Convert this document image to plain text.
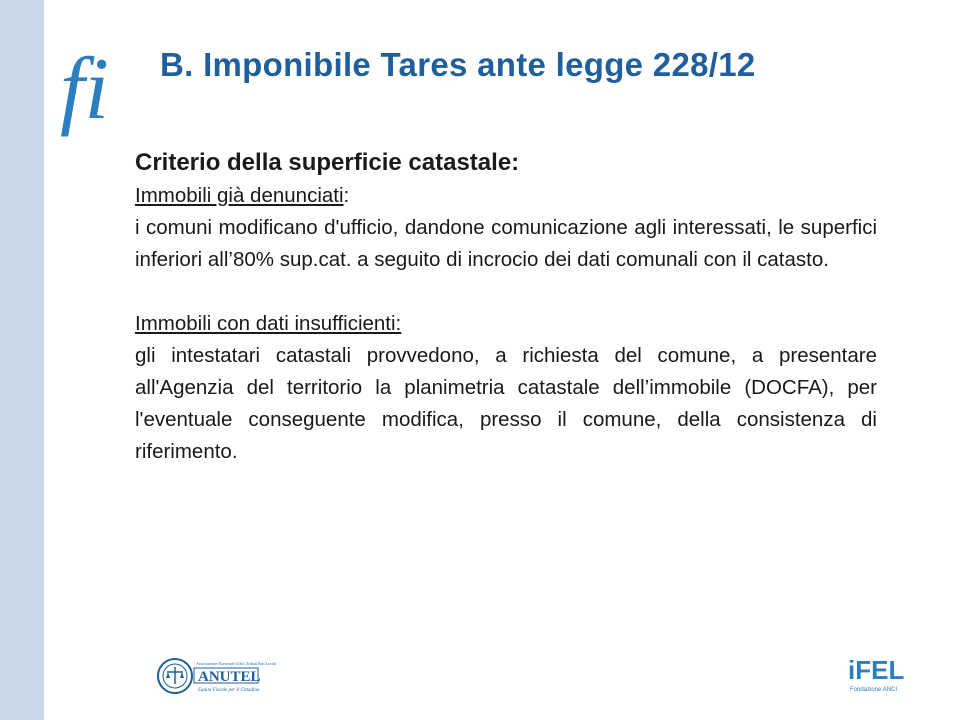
fi B. Imponibile Tares ante legge 228/12

Criterio della superficie catastale:

Immobili già denunciati:

i comuni modificano d'ufficio, dandone comunicazione agli interessati, le superfici inferiori all’80% sup.cat. a seguito di incrocio dei dati comunali con il catasto.

Immobili con dati insufficienti:

gli intestatari catastali provvedono, a richiesta del comune, a presentare all'Agenzia del territorio la planimetria catastale dell’immobile (DOCFA), per l'eventuale conseguente modifica, presso il comune, della consistenza di riferimento.

Associazione Nazionale Uffici Tributi Enti Locali
ANUTEL
Equità Fiscale per il Cittadino
iFEL
Fondazione ANCI
